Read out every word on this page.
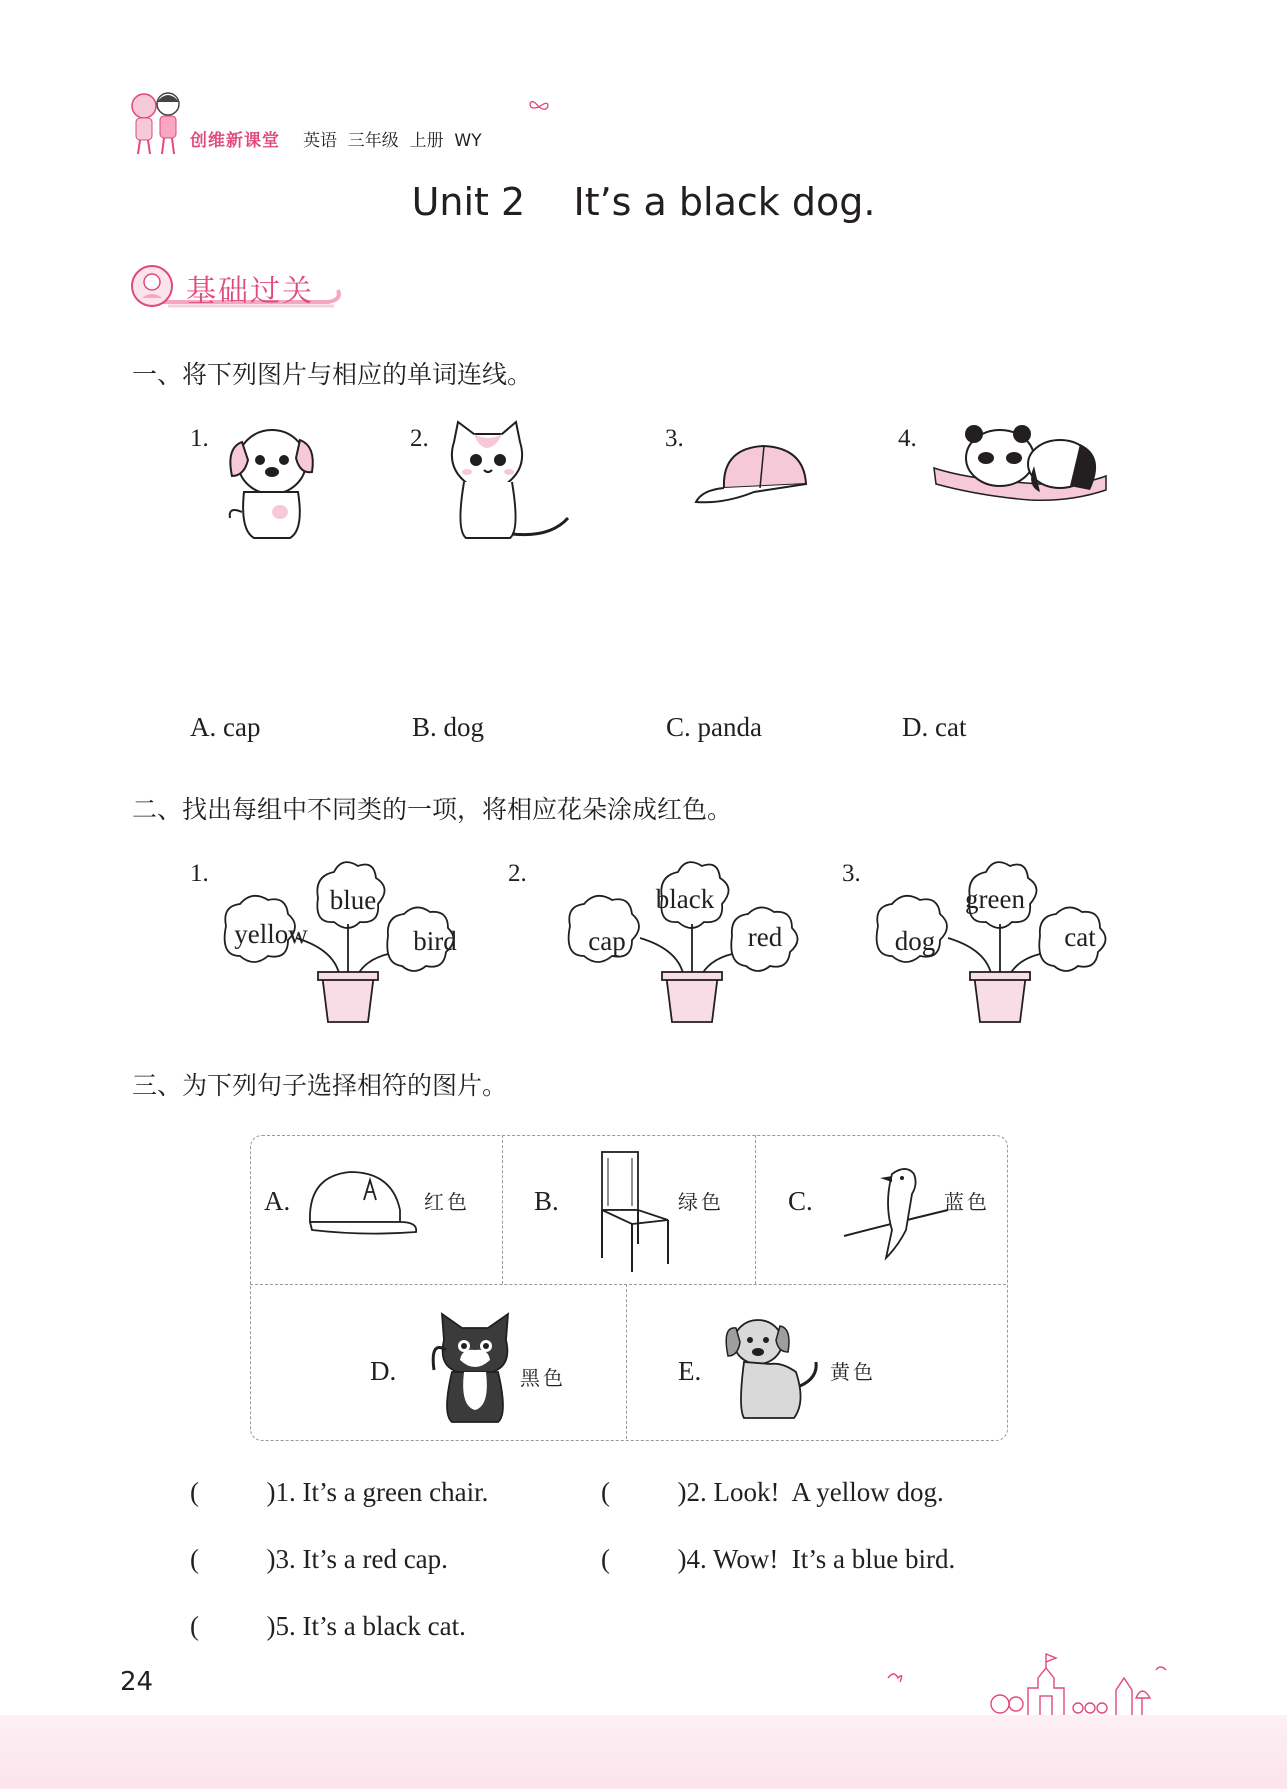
创维新课堂 英语  三年级  上册  WY
Unit 2    It’s a black dog.
基础过关
一、将下列图片与相应的单词连线。
1.	2.	3.	4.
A. cap	B. dog	C. panda	D. cat
二、找出每组中不同类的一项，将相应花朵涂成红色。
1.	2.	3.
blue
yellow	bird
black
cap	red
green
dog	cat
三、为下列句子选择相符的图片。
A.	红色 B.	绿色 C.	蓝色
D.	黑色	E.	黄色
(          )1. It’s a green chair.	(          )2. Look!  A yellow dog.
(          )3. It’s a red cap.	(          )4. Wow!  It’s a blue bird.
(          )5. It’s a black cat.
24
